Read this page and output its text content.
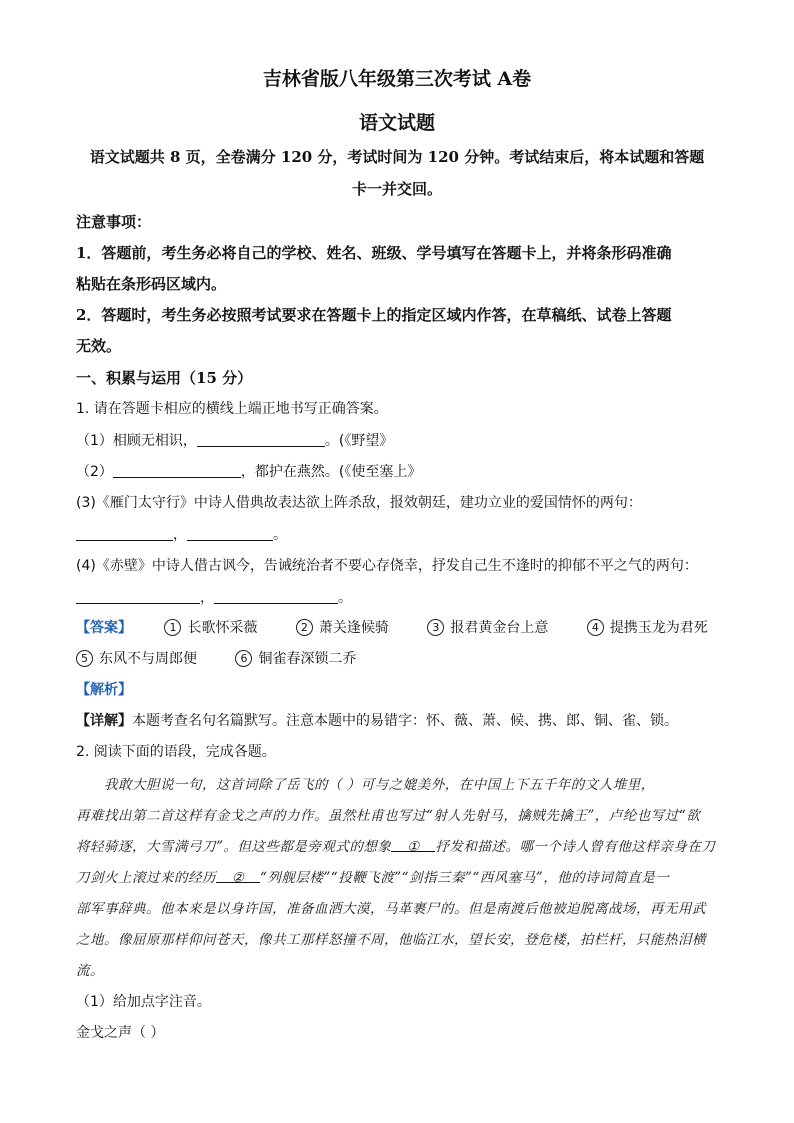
吉林省版八年级第三次考试 A卷
语文试题
语文试题共 8 页，全卷满分 120 分，考试时间为 120 分钟。考试结束后，将本试题和答题
卡一并交回。
注意事项：
1．答题前，考生务必将自己的学校、姓名、班级、学号填写在答题卡上，并将条形码准确
粘贴在条形码区域内。
2．答题时，考生务必按照考试要求在答题卡上的指定区域内作答，在草稿纸、试卷上答题
无效。
一、积累与运用（15 分）
1. 请在答题卡相应的横线上端正地书写正确答案。
（1）相顾无相识，	。(《野望》
（2）	，都护在燕然。(《使至塞上》
(3)《雁门太守行》中诗人借典故表达欲上阵杀敌，报效朝廷，建功立业的爱国情怀的两句：
，	。
(4)《赤壁》中诗人借古讽今，告诫统治者不要心存侥幸，抒发自己生不逢时的抑郁不平之气的两句：
，	。
【答案】	1 长歌怀采薇	2 萧关逢候骑	3 报君黄金台上意	4 提携玉龙为君死
5 东风不与周郎便	6 铜雀春深锁二乔
【解析】
【详解】本题考查名句名篇默写。注意本题中的易错字：怀、薇、萧、候、携、郎、铜、雀、锁。
2. 阅读下面的语段，完成各题。
我敢大胆说一句，这首词除了岳飞的（ ）可与之媲美外，在中国上下五千年的文人堆里，
再难找出第二首这样有金戈之声的力作。虽然杜甫也写过“射人先射马，擒贼先擒王”，卢纶也写过“欲
将轻骑逐，大雪满弓刀”。但这些都是旁观式的想象 ① 抒发和描述。哪一个诗人曾有他这样亲身在刀
刀剑火上滚过来的经历 ② “列舰层楼”“投鞭飞渡”“剑指三秦”“西风塞马”，他的诗词简直是一
部军事辞典。他本来是以身许国，准备血洒大漠，马革裹尸的。但是南渡后他被迫脱离战场，再无用武
之地。像屈原那样仰问苍天，像共工那样怒撞不周，他临江水，望长安，登危楼，拍栏杆，只能热泪横
流。
（1）给加点字注音。
金戈之声（ ）
